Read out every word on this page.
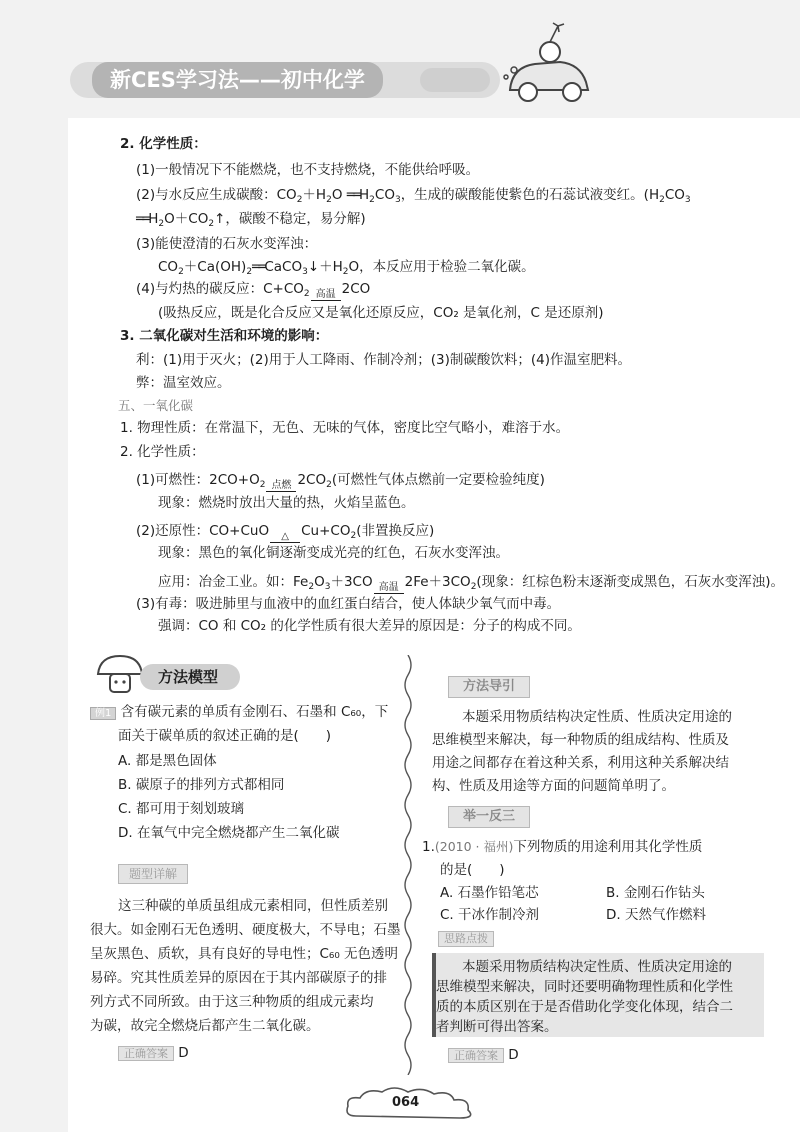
新CES学习法——初中化学
2. 化学性质：
(1)一般情况下不能燃烧，也不支持燃烧，不能供给呼吸。
(2)与水反应生成碳酸：$CO_2+H_2O$ $══H_2CO_3$，生成的碳酸能使紫色的石蕊试液变红。($H_2CO_3$
$══H_2O+CO_2↑$，碳酸不稳定，易分解)
(3)能使澄清的石灰水变浑浊：
$CO_2+Ca(OH)_2══CaCO_3↓+H_2O$，本反应用于检验二氧化碳。
(4)与灼热的碳反应：$C+CO_2$ 高温 2CO
(吸热反应，既是化合反应又是氧化还原反应，CO₂ 是氧化剂，C 是还原剂)
3. 二氧化碳对生活和环境的影响：
利：(1)用于灭火；(2)用于人工降雨、作制冷剂；(3)制碳酸饮料；(4)作温室肥料。
弊：温室效应。
五、一氧化碳
1. 物理性质：在常温下，无色、无味的气体，密度比空气略小，难溶于水。
2. 化学性质：
(1)可燃性：$2CO+O_2$ 点燃 $2CO_2$(可燃性气体点燃前一定要检验纯度)
现象：燃烧时放出大量的热，火焰呈蓝色。
(2)还原性：CO+CuO △ $Cu+CO_2$(非置换反应)
现象：黑色的氧化铜逐渐变成光亮的红色，石灰水变浑浊。
应用：冶金工业。如：$Fe_2O_3+3CO$ 高温 $2Fe+3CO_2$(现象：红棕色粉末逐渐变成黑色，石灰水变浑浊)。
(3)有毒：吸进肺里与血液中的血红蛋白结合，使人体缺少氧气而中毒。
强调：CO 和 CO₂ 的化学性质有很大差异的原因是：分子的构成不同。
方法模型
例1 含有碳元素的单质有金刚石、石墨和 C₆₀，下
面关于碳单质的叙述正确的是(　　)
A. 都是黑色固体
B. 碳原子的排列方式都相同
C. 都可用于刻划玻璃
D. 在氧气中完全燃烧都产生二氧化碳
题型详解
这三种碳的单质虽组成元素相同，但性质差别
很大。如金刚石无色透明、硬度极大，不导电；石墨
呈灰黑色、质软，具有良好的导电性；C₆₀ 无色透明
易碎。究其性质差异的原因在于其内部碳原子的排
列方式不同所致。由于这三种物质的组成元素均
为碳，故完全燃烧后都产生二氧化碳。
正确答案 D
方法导引
本题采用物质结构决定性质、性质决定用途的
思维模型来解决，每一种物质的组成结构、性质及
用途之间都存在着这种关系，利用这种关系解决结
构、性质及用途等方面的问题简单明了。
举一反三
1.(2010 · 福州)下列物质的用途利用其化学性质
的是(　　)
A. 石墨作铅笔芯	B. 金刚石作钻头
C. 干冰作制冷剂	D. 天然气作燃料
思路点拨
本题采用物质结构决定性质、性质决定用途的
思维模型来解决，同时还要明确物理性质和化学性
质的本质区别在于是否借助化学变化体现，结合二
者判断可得出答案。
正确答案 D
064
